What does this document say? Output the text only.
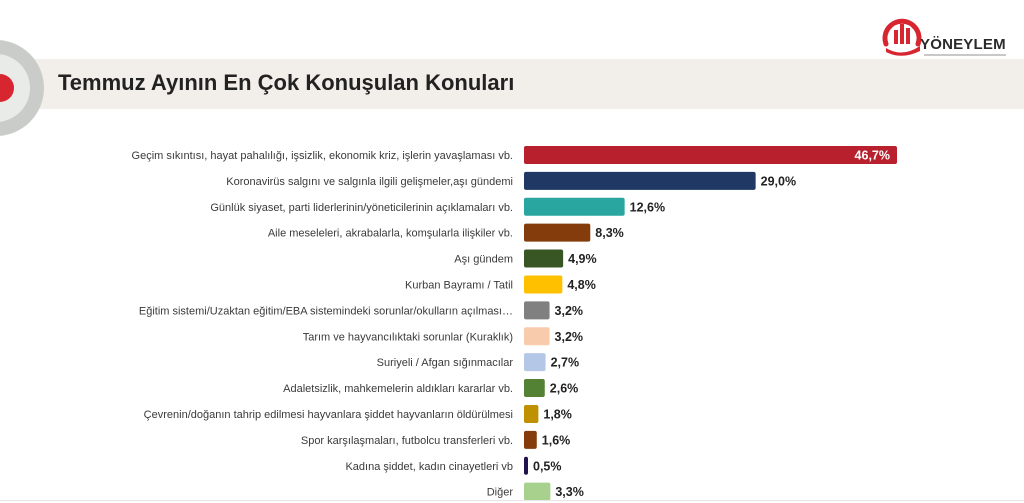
Temmuz Ayının En Çok Konuşulan Konuları
YÖNEYLEM
Geçim sıkıntısı, hayat pahalılığı, işsizlik, ekonomik kriz, işlerin yavaşlaması vb.	46,7%
Koronavirüs salgını ve salgınla ilgili gelişmeler,aşı gündemi	29,0%
Günlük siyaset, parti liderlerinin/yöneticilerinin açıklamaları vb.	12,6%
Aile meseleleri, akrabalarla, komşularla ilişkiler vb.	8,3%
Aşı gündem	4,9%
Kurban Bayramı / Tatil	4,8%
Eğitim sistemi/Uzaktan eğitim/EBA sistemindeki sorunlar/okulların açılması…	3,2%
Tarım ve hayvancılıktaki sorunlar (Kuraklık)	3,2%
Suriyeli / Afgan sığınmacılar	2,7%
Adaletsizlik, mahkemelerin aldıkları kararlar vb.	2,6%
Çevrenin/doğanın tahrip edilmesi hayvanlara şiddet hayvanların öldürülmesi 1,8%
Spor karşılaşmaları, futbolcu transferleri vb. 1,6%
Kadına şiddet, kadın cinayetleri vb 0,5%
Diğer	3,3%
